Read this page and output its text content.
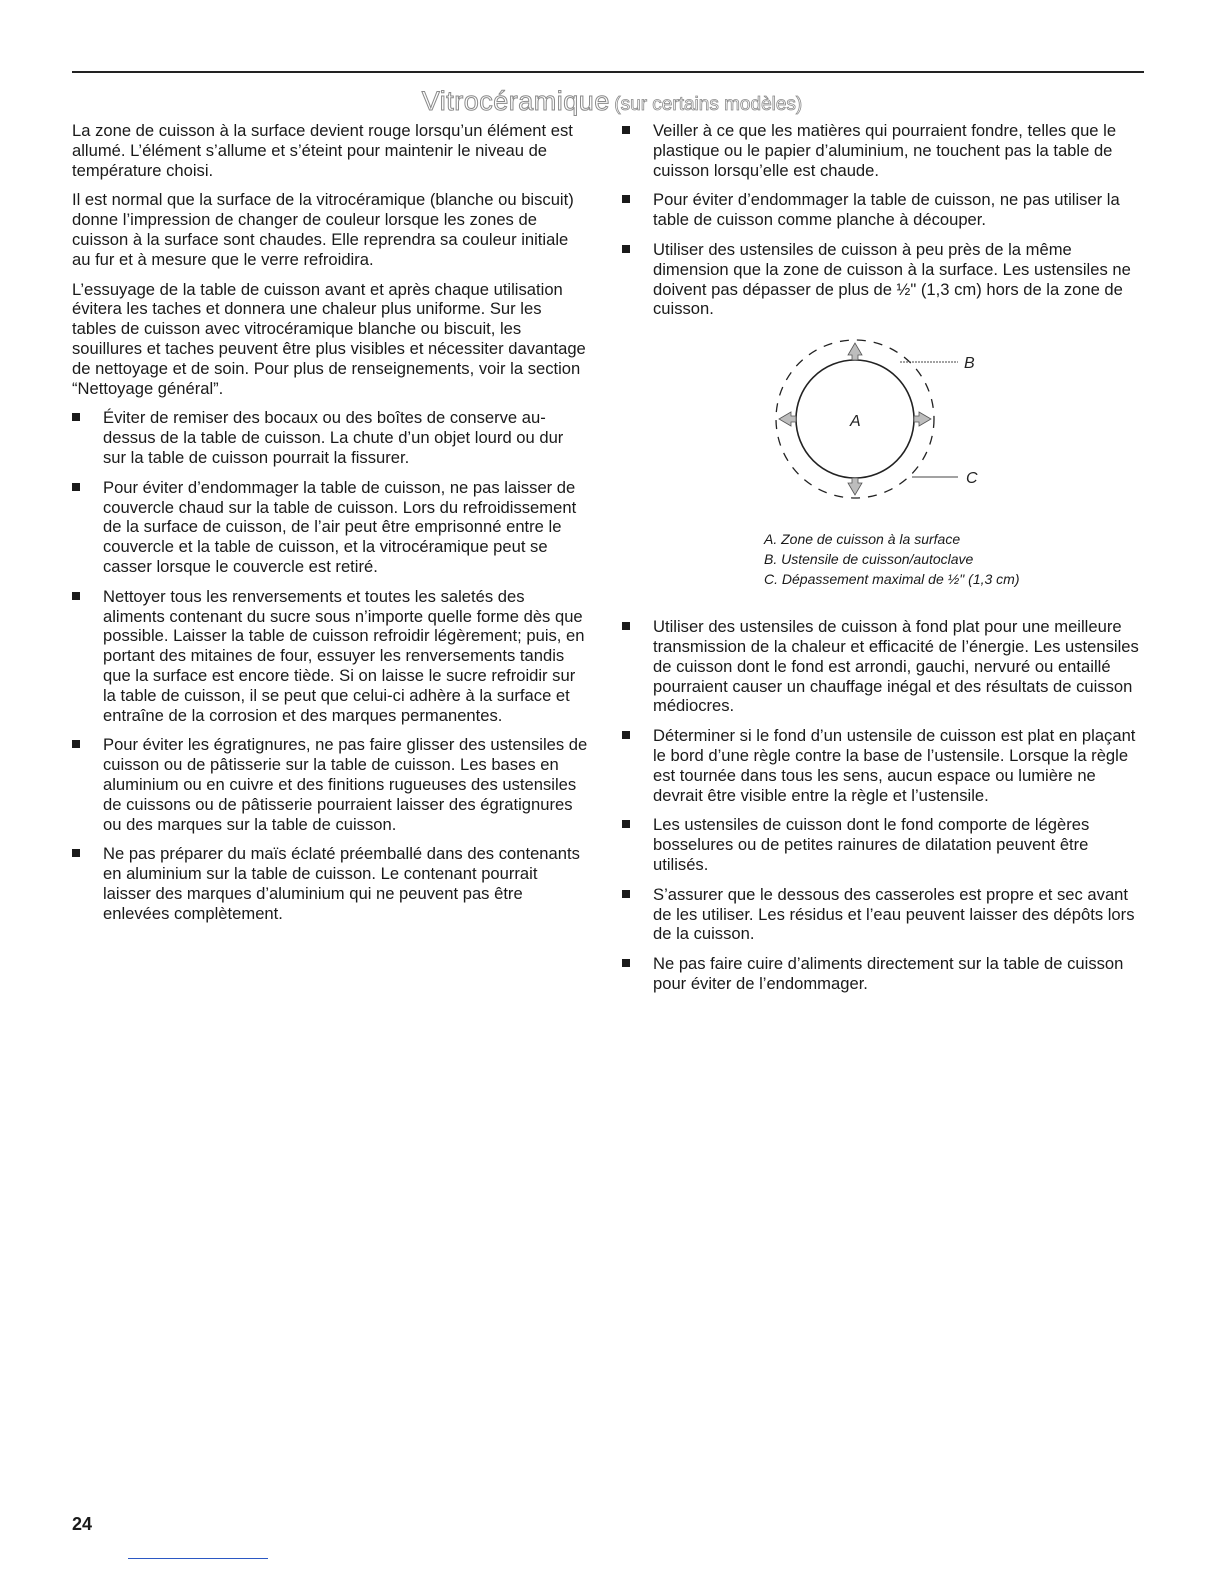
Vitrocéramique (sur certains modèles)

La zone de cuisson à la surface devient rouge lorsqu’un élément est allumé. L’élément s’allume et s’éteint pour maintenir le niveau de température choisi.

Il est normal que la surface de la vitrocéramique (blanche ou biscuit) donne l’impression de changer de couleur lorsque les zones de cuisson à la surface sont chaudes. Elle reprendra sa couleur initiale au fur et à mesure que le verre refroidira.

L’essuyage de la table de cuisson avant et après chaque utilisation évitera les taches et donnera une chaleur plus uniforme. Sur les tables de cuisson avec vitrocéramique blanche ou biscuit, les souillures et taches peuvent être plus visibles et nécessiter davantage de nettoyage et de soin. Pour plus de renseignements, voir la section “Nettoyage général”.

Éviter de remiser des bocaux ou des boîtes de conserve au-dessus de la table de cuisson. La chute d’un objet lourd ou dur sur la table de cuisson pourrait la fissurer.
Pour éviter d’endommager la table de cuisson, ne pas laisser de couvercle chaud sur la table de cuisson. Lors du refroidissement de la surface de cuisson, de l’air peut être emprisonné entre le couvercle et la table de cuisson, et la vitrocéramique peut se casser lorsque le couvercle est retiré.
Nettoyer tous les renversements et toutes les saletés des aliments contenant du sucre sous n’importe quelle forme dès que possible. Laisser la table de cuisson refroidir légèrement; puis, en portant des mitaines de four, essuyer les renversements tandis que la surface est encore tiède. Si on laisse le sucre refroidir sur la table de cuisson, il se peut que celui-ci adhère à la surface et entraîne de la corrosion et des marques permanentes.
Pour éviter les égratignures, ne pas faire glisser des ustensiles de cuisson ou de pâtisserie sur la table de cuisson. Les bases en aluminium ou en cuivre et des finitions rugueuses des ustensiles de cuissons ou de pâtisserie pourraient laisser des égratignures ou des marques sur la table de cuisson.
Ne pas préparer du maïs éclaté préemballé dans des contenants en aluminium sur la table de cuisson. Le contenant pourrait laisser des marques d’aluminium qui ne peuvent pas être enlevées complètement.
Veiller à ce que les matières qui pourraient fondre, telles que le plastique ou le papier d’aluminium, ne touchent pas la table de cuisson lorsqu’elle est chaude.
Pour éviter d’endommager la table de cuisson, ne pas utiliser la table de cuisson comme planche à découper.
Utiliser des ustensiles de cuisson à peu près de la même dimension que la zone de cuisson à la surface. Les ustensiles ne doivent pas dépasser de plus de ½" (1,3 cm) hors de la zone de cuisson.
A
B
C
A. Zone de cuisson à la surface
B. Ustensile de cuisson/autoclave
C. Dépassement maximal de ½" (1,3 cm)
Utiliser des ustensiles de cuisson à fond plat pour une meilleure transmission de la chaleur et efficacité de l’énergie. Les ustensiles de cuisson dont le fond est arrondi, gauchi, nervuré ou entaillé pourraient causer un chauffage inégal et des résultats de cuisson médiocres.
Déterminer si le fond d’un ustensile de cuisson est plat en plaçant le bord d’une règle contre la base de l’ustensile. Lorsque la règle est tournée dans tous les sens, aucun espace ou lumière ne devrait être visible entre la règle et l’ustensile.
Les ustensiles de cuisson dont le fond comporte de légères bosselures ou de petites rainures de dilatation peuvent être utilisés.
S’assurer que le dessous des casseroles est propre et sec avant de les utiliser. Les résidus et l’eau peuvent laisser des dépôts lors de la cuisson.
Ne pas faire cuire d’aliments directement sur la table de cuisson pour éviter de l’endommager.
24
